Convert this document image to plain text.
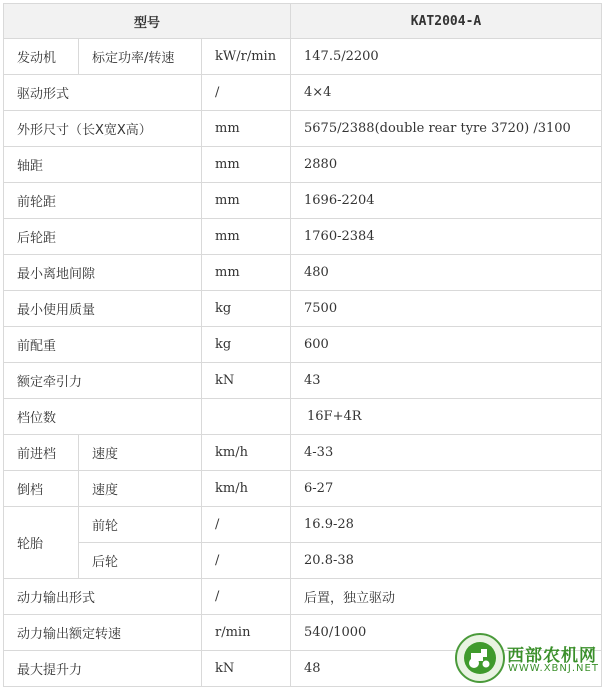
型号			KAT2004-A
发动机	标定功率/转速	kW/r/min	147.5/2200
驱动形式		/	4×4
外形尺寸（长X宽X高）		mm	5675/2388(double rear tyre 3720) /3100
轴距		mm	2880
前轮距		mm	1696-2204
后轮距		mm	1760-2384
最小离地间隙		mm	480
最小使用质量		kg	7500
前配重		kg	600
额定牵引力		kN	43
档位数			16F+4R
前进档	速度	km/h	4-33
倒档	速度	km/h	6-27
轮胎	前轮	/	16.9-28
	后轮	/	20.8-38
动力输出形式		/	后置，独立驱动
动力输出额定转速		r/min	540/1000
最大提升力		kN	48
西部农机网
WWW.XBNJ.NET
